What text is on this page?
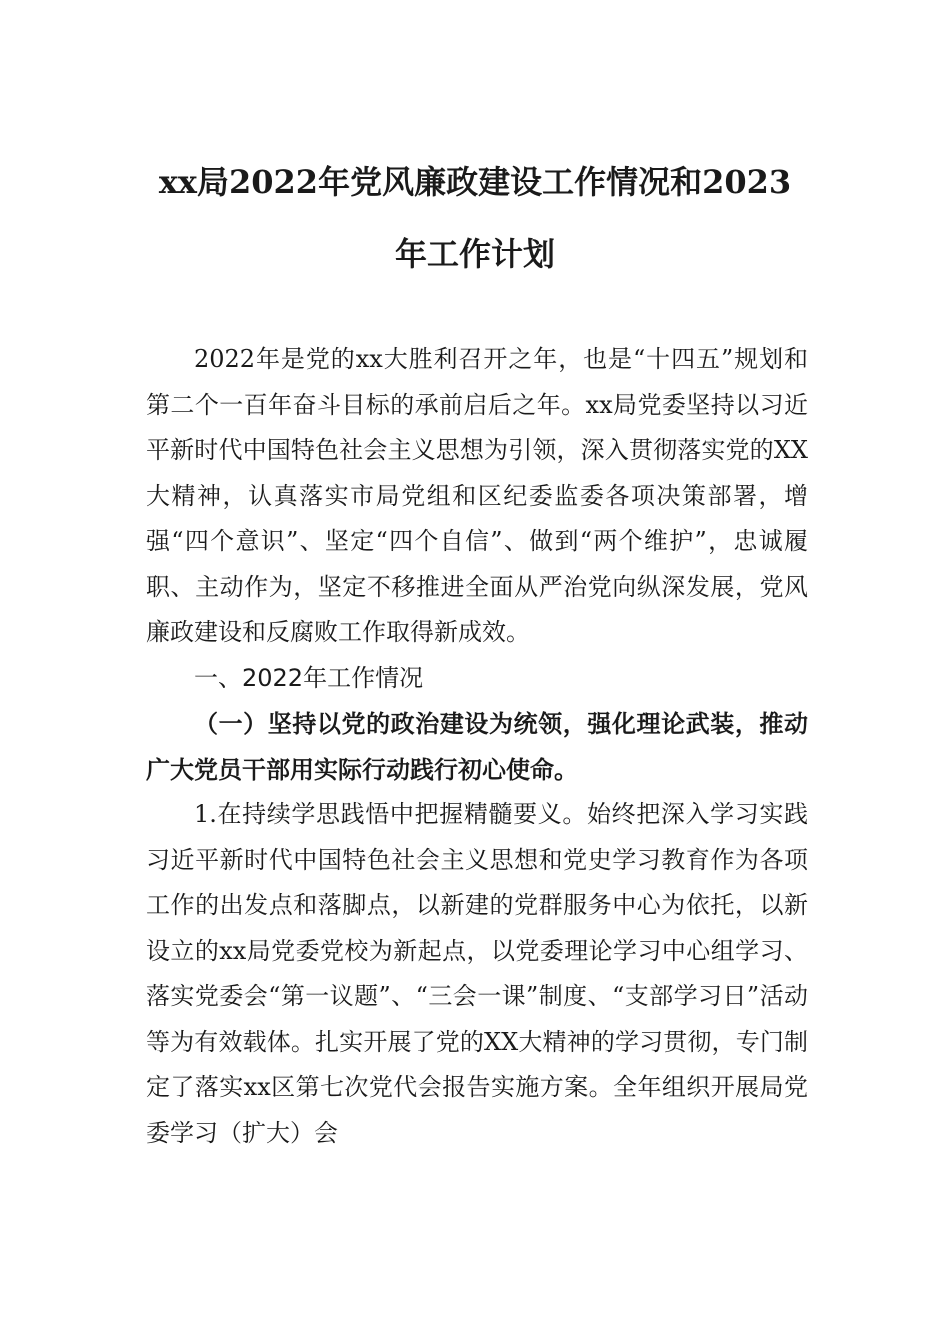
xx局2022年党风廉政建设工作情况和2023
年工作计划

2022年是党的xx大胜利召开之年，也是“十四五”规划和第二个一百年奋斗目标的承前启后之年。xx局党委坚持以习近平新时代中国特色社会主义思想为引领，深入贯彻落实党的XX大精神，认真落实市局党组和区纪委监委各项决策部署，增强“四个意识”、坚定“四个自信”、做到“两个维护”，忠诚履职、主动作为，坚定不移推进全面从严治党向纵深发展，党风廉政建设和反腐败工作取得新成效。

一、2022年工作情况

（一）坚持以党的政治建设为统领，强化理论武装，推动广大党员干部用实际行动践行初心使命。

1.在持续学思践悟中把握精髓要义。始终把深入学习实践习近平新时代中国特色社会主义思想和党史学习教育作为各项工作的出发点和落脚点，以新建的党群服务中心为依托，以新设立的xx局党委党校为新起点，以党委理论学习中心组学习、落实党委会“第一议题”、“三会一课”制度、“支部学习日”活动等为有效载体。扎实开展了党的XX大精神的学习贯彻，专门制定了落实xx区第七次党代会报告实施方案。全年组织开展局党委学习（扩大）会
